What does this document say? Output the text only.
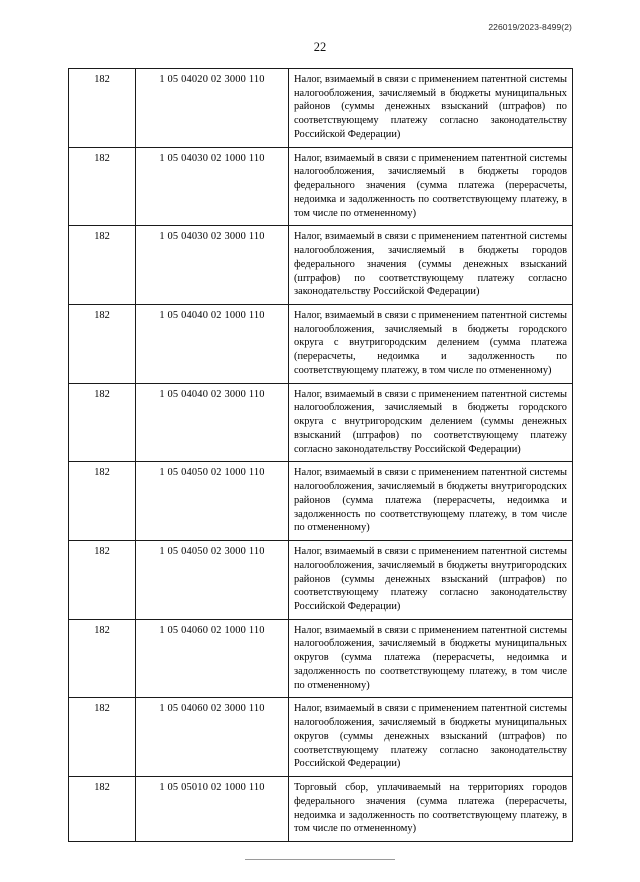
226019/2023-8499(2)
22
182	1 05 04020 02 3000 110	Налог, взимаемый в связи с применением патентной системы налогообложения, зачисляемый в бюджеты муниципальных районов (суммы денежных взысканий (штрафов) по соответствующему платежу согласно законодательству Российской Федерации)
182	1 05 04030 02 1000 110	Налог, взимаемый в связи с применением патентной системы налогообложения, зачисляемый в бюджеты городов федерального значения (сумма платежа (перерасчеты, недоимка и задолженность по соответствующему платежу, в том числе по отмененному)
182	1 05 04030 02 3000 110	Налог, взимаемый в связи с применением патентной системы налогообложения, зачисляемый в бюджеты городов федерального значения (суммы денежных взысканий (штрафов) по соответствующему платежу согласно законодательству Российской Федерации)
182	1 05 04040 02 1000 110	Налог, взимаемый в связи с применением патентной системы налогообложения, зачисляемый в бюджеты городского округа с внутригородским делением (сумма платежа (перерасчеты, недоимка и задолженность по соответствующему платежу, в том числе по отмененному)
182	1 05 04040 02 3000 110	Налог, взимаемый в связи с применением патентной системы налогообложения, зачисляемый в бюджеты городского округа с внутригородским делением (суммы денежных взысканий (штрафов) по соответствующему платежу согласно законодательству Российской Федерации)
182	1 05 04050 02 1000 110	Налог, взимаемый в связи с применением патентной системы налогообложения, зачисляемый в бюджеты внутригородских районов (сумма платежа (перерасчеты, недоимка и задолженность по соответствующему платежу, в том числе по отмененному)
182	1 05 04050 02 3000 110	Налог, взимаемый в связи с применением патентной системы налогообложения, зачисляемый в бюджеты внутригородских районов (суммы денежных взысканий (штрафов) по соответствующему платежу согласно законодательству Российской Федерации)
182	1 05 04060 02 1000 110	Налог, взимаемый в связи с применением патентной системы налогообложения, зачисляемый в бюджеты муниципальных округов (сумма платежа (перерасчеты, недоимка и задолженность по соответствующему платежу, в том числе по отмененному)
182	1 05 04060 02 3000 110	Налог, взимаемый в связи с применением патентной системы налогообложения, зачисляемый в бюджеты муниципальных округов (суммы денежных взысканий (штрафов) по соответствующему платежу согласно законодательству Российской Федерации)
182	1 05 05010 02 1000 110	Торговый сбор, уплачиваемый на территориях городов федерального значения (сумма платежа (перерасчеты, недоимка и задолженность по соответствующему платежу, в том числе по отмененному)
